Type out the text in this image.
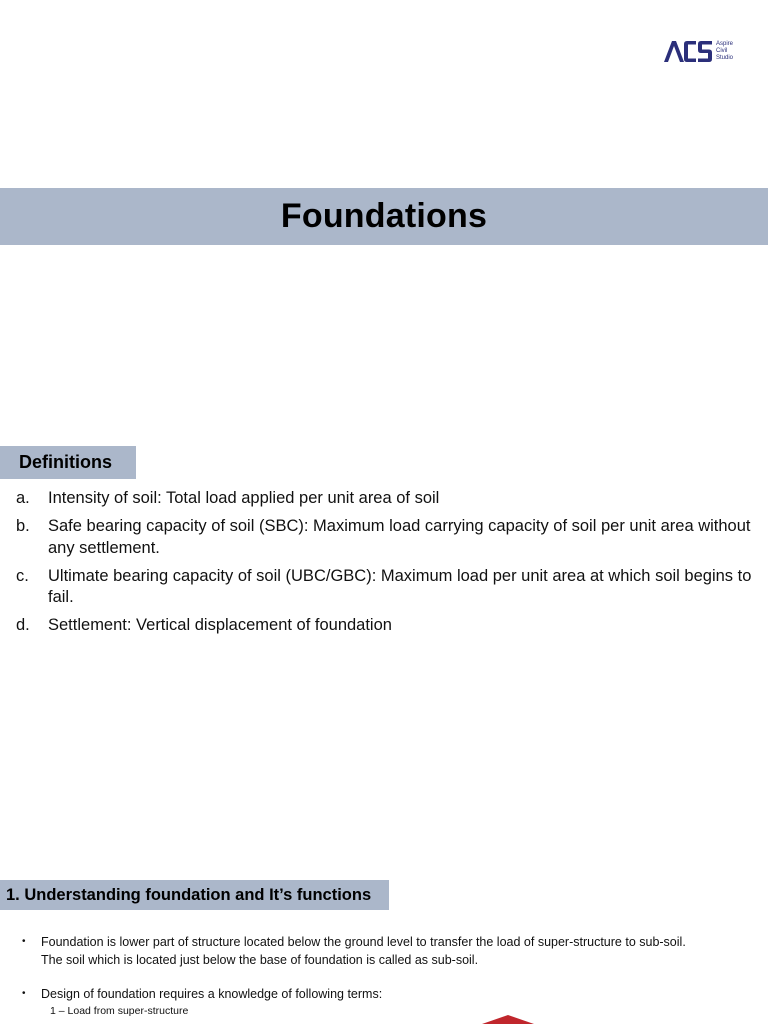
Aspire
Civil
Studio
Foundations
Definitions
a.	Intensity of soil: Total load applied per unit area of soil
b.	Safe bearing capacity of soil (SBC): Maximum load carrying capacity of soil per unit area without any settlement.
c.	Ultimate bearing capacity of soil (UBC/GBC): Maximum load per unit area at which soil begins to fail.
d.	Settlement: Vertical displacement of foundation
1. Understanding foundation and It’s functions
•	Foundation is lower part of structure located below the ground level to transfer the load of super-structure to sub-soil. The soil which is located just below the base of foundation is called as sub-soil.
•	Design of foundation requires a knowledge of following terms:
1 – Load from super-structure
